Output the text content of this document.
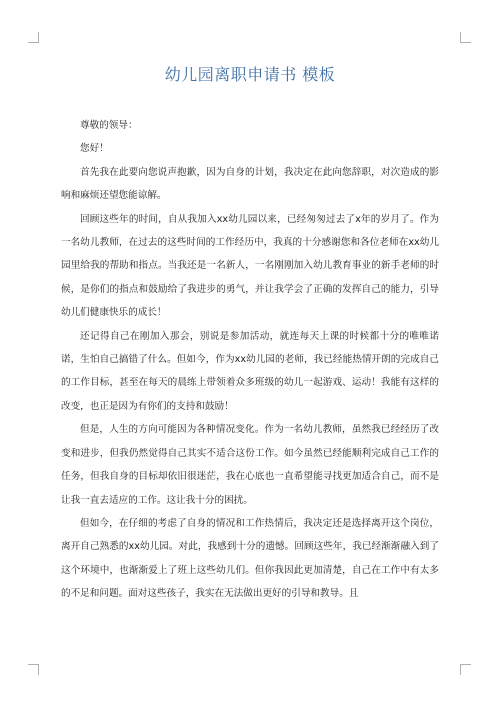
幼儿园离职申请书 模板

尊敬的领导：

您好！

首先我在此要向您说声抱歉，因为自身的计划，我决定在此向您辞职，对次造成的影响和麻烦还望您能谅解。

回顾这些年的时间，自从我加入xx幼儿园以来，已经匆匆过去了x年的岁月了。作为一名幼儿教师，在过去的这些时间的工作经历中，我真的十分感谢您和各位老师在xx幼儿园里给我的帮助和指点。当我还是一名新人，一名刚刚加入幼儿教育事业的新手老师的时候，是你们的指点和鼓励给了我进步的勇气，并让我学会了正确的发挥自己的能力，引导幼儿们健康快乐的成长！

还记得自己在刚加入那会，别说是参加活动，就连每天上课的时候都十分的唯唯诺诺，生怕自己搞错了什么。但如今，作为xx幼儿园的老师，我已经能热情开朗的完成自己的工作目标，甚至在每天的晨练上带领着众多班级的幼儿一起游戏、运动！我能有这样的改变，也正是因为有你们的支持和鼓励！

但是，人生的方向可能因为各种情况变化。作为一名幼儿教师，虽然我已经经历了改变和进步，但我仍然觉得自己其实不适合这份工作。如今虽然已经能顺利完成自己工作的任务，但我自身的目标却依旧很迷茫，我在心底也一直希望能寻找更加适合自己，而不是让我一直去适应的工作。这让我十分的困扰。

但如今，在仔细的考虑了自身的情况和工作热情后，我决定还是选择离开这个岗位，离开自己熟悉的xx幼儿园。对此，我感到十分的遗憾。回顾这些年，我已经渐渐融入到了这个环境中，也渐渐爱上了班上这些幼儿们。但你我因此更加清楚，自己在工作中有太多的不足和问题。面对这些孩子，我实在无法做出更好的引导和教导。且
